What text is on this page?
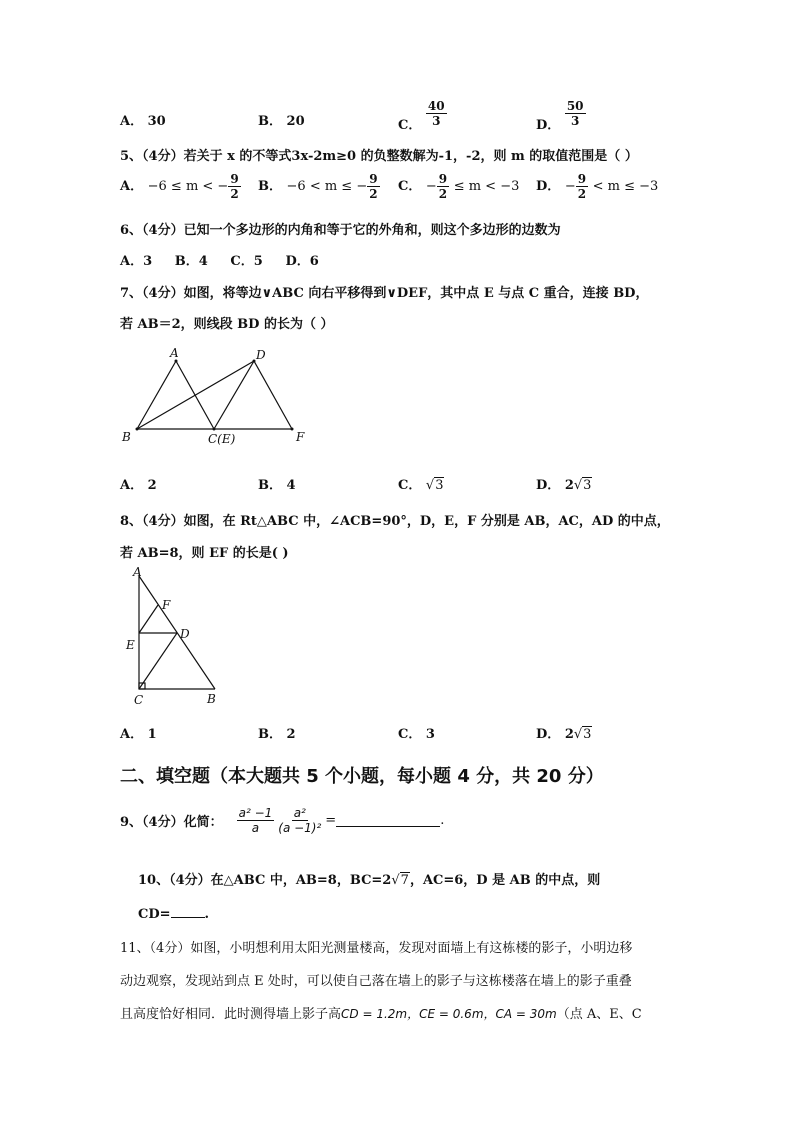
A． 30	B． 20	C． $\frac{40}{3}$	D． $\frac{50}{3}$
5、（4分）若关于 x 的不等式3x-2m≥0 的负整数解为-1，-2，则 m 的取值范围是（ ）
A． −6 ≤ m < − $\frac{9}{2}$ B． −6 < m ≤ − $\frac{9}{2}$ C． − $\frac{9}{2} \le m < -3$ D． − $\frac{9}{2} < m \le -3$
6、（4分）已知一个多边形的内角和等于它的外角和，则这个多边形的边数为
A．3     B．4     C．5     D．6
7、（4分）如图，将等边∨ABC 向右平移得到∨DEF，其中点 E 与点 C 重合，连接 BD，
若 AB＝2，则线段 BD 的长为（ ）
A	D
B	C(E)	F
A． 2	B． 4	C． √3	D． 2√3
8、（4分）如图，在 Rt△ABC 中，∠ACB=90°，D，E，F 分别是 AB，AC，AD 的中点，
若 AB=8，则 EF 的长是( )
A
F
D
E
C	B
A． 1	B． 2	C． 3	D． 2√3
二、填空题（本大题共 5 个小题，每小题 4 分，共 20 分）
9、（4分）化简： $\frac{\text{a² −1}}{a} \frac{\text{a²}}{\text{(a −1)²}}$ =	.
10、（4分）在△ABC 中，AB=8，BC=2√7，AC=6，D 是 AB 的中点，则
CD=	.
11、（4分）如图，小明想利用太阳光测量楼高，发现对面墙上有这栋楼的影子，小明边移
动边观察，发现站到点 E 处时，可以使自己落在墙上的影子与这栋楼落在墙上的影子重叠
且高度恰好相同．此时测得墙上影子高CD = 1.2m，CE = 0.6m，CA = 30m（点 A、E、C
